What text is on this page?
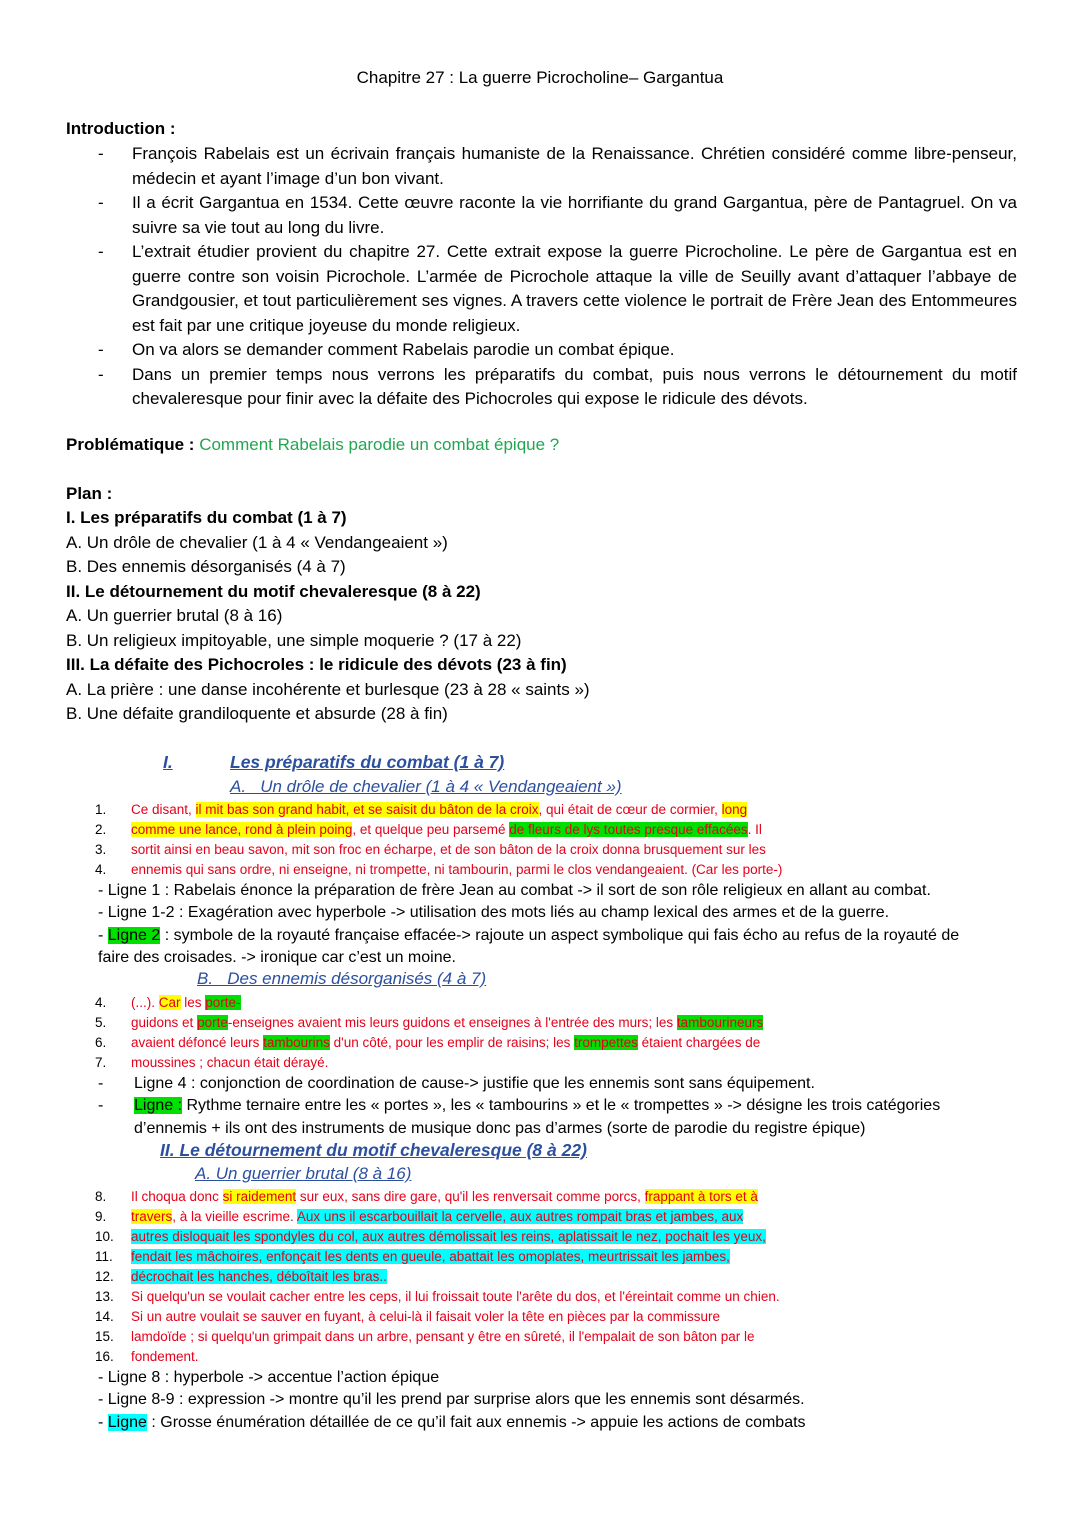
Chapitre 27 : La guerre Picrocholine– Gargantua
Introduction :
- François Rabelais est un écrivain français humaniste de la Renaissance. Chrétien considéré comme libre-penseur, médecin et ayant l’image d’un bon vivant.
- Il a écrit Gargantua en 1534. Cette œuvre raconte la vie horrifiante du grand Gargantua, père de Pantagruel. On va suivre sa vie tout au long du livre.
- L’extrait étudier provient du chapitre 27. Cette extrait expose la guerre Picrocholine. Le père de Gargantua est en guerre contre son voisin Picrochole. L’armée de Picrochole attaque la ville de Seuilly avant d’attaquer l’abbaye de Grandgousier, et tout particulièrement ses vignes. A travers cette violence le portrait de Frère Jean des Entommeures est fait par une critique joyeuse du monde religieux.
- On va alors se demander comment Rabelais parodie un combat épique.
- Dans un premier temps nous verrons les préparatifs du combat, puis nous verrons le détournement du motif chevaleresque pour finir avec la défaite des Pichocroles qui expose le ridicule des dévots.
Problématique : Comment Rabelais parodie un combat épique ?
Plan :
I. Les préparatifs du combat (1 à 7)
A. Un drôle de chevalier (1 à 4 « Vendangeaient »)
B. Des ennemis désorganisés (4 à 7)
II. Le détournement du motif chevaleresque (8 à 22)
A. Un guerrier brutal (8 à 16)
B. Un religieux impitoyable, une simple moquerie ? (17 à 22)
III. La défaite des Pichocroles : le ridicule des dévots (23 à fin)
A. La prière : une danse incohérente et burlesque (23 à 28 « saints »)
B. Une défaite grandiloquente et absurde (28 à fin)
I.	Les préparatifs du combat (1 à 7)
A.   Un drôle de chevalier (1 à 4 « Vendangeaient »)
1. Ce disant, il mit bas son grand habit, et se saisit du bâton de la croix, qui était de cœur de cormier, long
2. comme une lance, rond à plein poing, et quelque peu parsemé de fleurs de lys toutes presque effacées. Il
3. sortit ainsi en beau savon, mit son froc en écharpe, et de son bâton de la croix donna brusquement sur les
4. ennemis qui sans ordre, ni enseigne, ni trompette, ni tambourin, parmi le clos vendangeaient. (Car les porte-)
- Ligne 1 : Rabelais énonce la préparation de frère Jean au combat -> il sort de son rôle religieux en allant au combat.
- Ligne 1-2 : Exagération avec hyperbole -> utilisation des mots liés au champ lexical des armes et de la guerre.
- Ligne 2 : symbole de la royauté française effacée-> rajoute un aspect symbolique qui fais écho au refus de la royauté de
faire des croisades. -> ironique car c’est un moine.
B.   Des ennemis désorganisés (4 à 7)
4. (...). Car les porte-
5. guidons et porte-enseignes avaient mis leurs guidons et enseignes à l'entrée des murs; les tambourineurs
6. avaient défoncé leurs tambourins d'un côté, pour les emplir de raisins; les trompettes étaient chargées de
7. moussines ; chacun était dérayé.
- Ligne 4 : conjonction de coordination de cause-> justifie que les ennemis sont sans équipement.
- Ligne : Rythme ternaire entre les « portes », les « tambourins » et le « trompettes » -> désigne les trois catégories
d’ennemis + ils ont des instruments de musique donc pas d’armes (sorte de parodie du registre épique)
II. Le détournement du motif chevaleresque (8 à 22)
A. Un guerrier brutal (8 à 16)
8. Il choqua donc si raidement sur eux, sans dire gare, qu'il les renversait comme porcs, frappant à tors et à
9. travers, à la vieille escrime. Aux uns il escarbouillait la cervelle, aux autres rompait bras et jambes, aux
10. autres disloquait les spondyles du col, aux autres démolissait les reins, aplatissait le nez, pochait les yeux,
11. fendait les mâchoires, enfonçait les dents en gueule, abattait les omoplates, meurtrissait les jambes,
12. décrochait les hanches, déboîtait les bras..
13. Si quelqu'un se voulait cacher entre les ceps, il lui froissait toute l'arête du dos, et l'éreintait comme un chien.
14. Si un autre voulait se sauver en fuyant, à celui-là il faisait voler la tête en pièces par la commissure
15. lamdoïde ; si quelqu'un grimpait dans un arbre, pensant y être en sûreté, il l'empalait de son bâton par le
16. fondement.
- Ligne 8 : hyperbole -> accentue l’action épique
- Ligne 8-9 : expression -> montre qu’il les prend par surprise alors que les ennemis sont désarmés.
- Ligne : Grosse énumération détaillée de ce qu’il fait aux ennemis -> appuie les actions de combats
